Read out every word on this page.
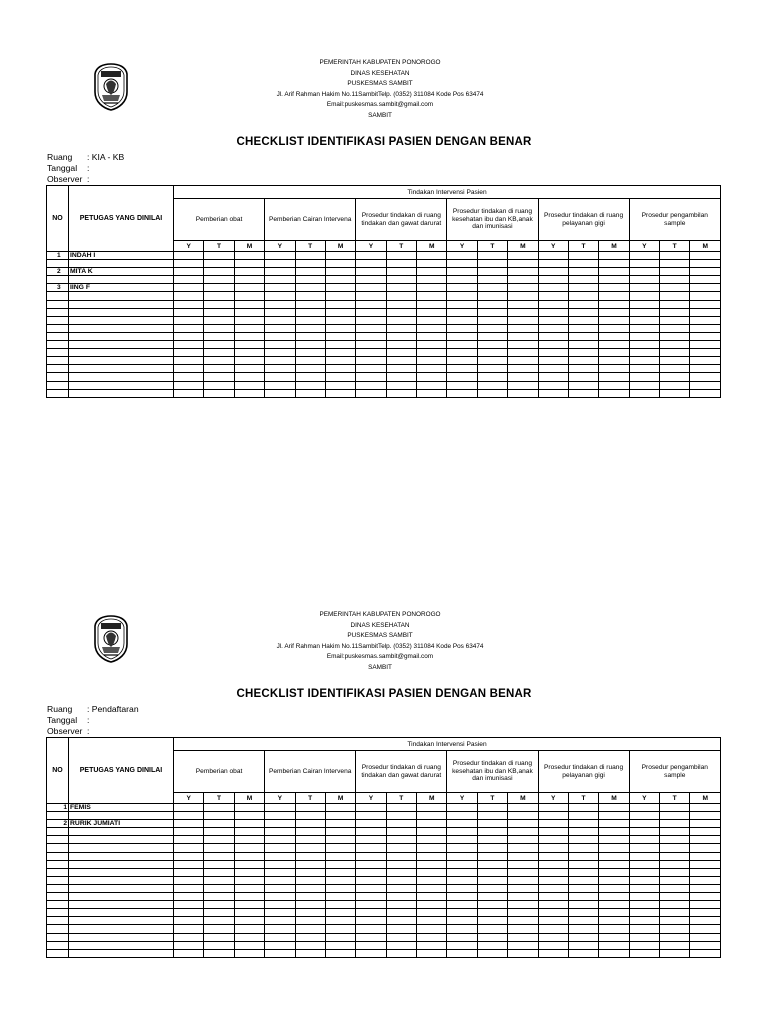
PEMERINTAH KABUPATEN PONOROGO
DINAS KESEHATAN
PUSKESMAS SAMBIT
Jl. Arif Rahman Hakim No.11SambitTelp. (0352) 311084 Kode Pos 63474
Email:puskesmas.sambit@gmail.com
SAMBIT
CHECKLIST IDENTIFIKASI PASIEN DENGAN BENAR
Ruang : KIA - KB
Tanggal :
Observer :
NO	PETUGAS YANG DINILAI	Tindakan Intervensi Pasien																	
		Pemberian obat			Pemberian Cairan Intervena			Prosedur tindakan di ruang tindakan dan gawat darurat			Prosedur tindakan di ruang kesehatan ibu dan KB,anak dan imunisasi			Prosedur tindakan di ruang pelayanan gigi			Prosedur pengambilan sample		
		Y	T	M	Y	T	M	Y	T	M	Y	T	M	Y	T	M	Y	T	M
1	INDAH I																		

2	MITA K																		

3	IING F																		

PEMERINTAH KABUPATEN PONOROGO
DINAS KESEHATAN
PUSKESMAS SAMBIT
Jl. Arif Rahman Hakim No.11SambitTelp. (0352) 311084 Kode Pos 63474
Email:puskesmas.sambit@gmail.com
SAMBIT
CHECKLIST IDENTIFIKASI PASIEN DENGAN BENAR
Ruang : Pendaftaran
Tanggal :
Observer :
NO	PETUGAS YANG DINILAI	Tindakan Intervensi Pasien																	
		Pemberian obat			Pemberian Cairan Intervena			Prosedur tindakan di ruang tindakan dan gawat darurat			Prosedur tindakan di ruang kesehatan ibu dan KB,anak dan imunisasi			Prosedur tindakan di ruang pelayanan gigi			Prosedur pengambilan sample		
		Y	T	M	Y	T	M	Y	T	M	Y	T	M	Y	T	M	Y	T	M
1	FEMIS																		

2	RURIK JUMIATI																		
